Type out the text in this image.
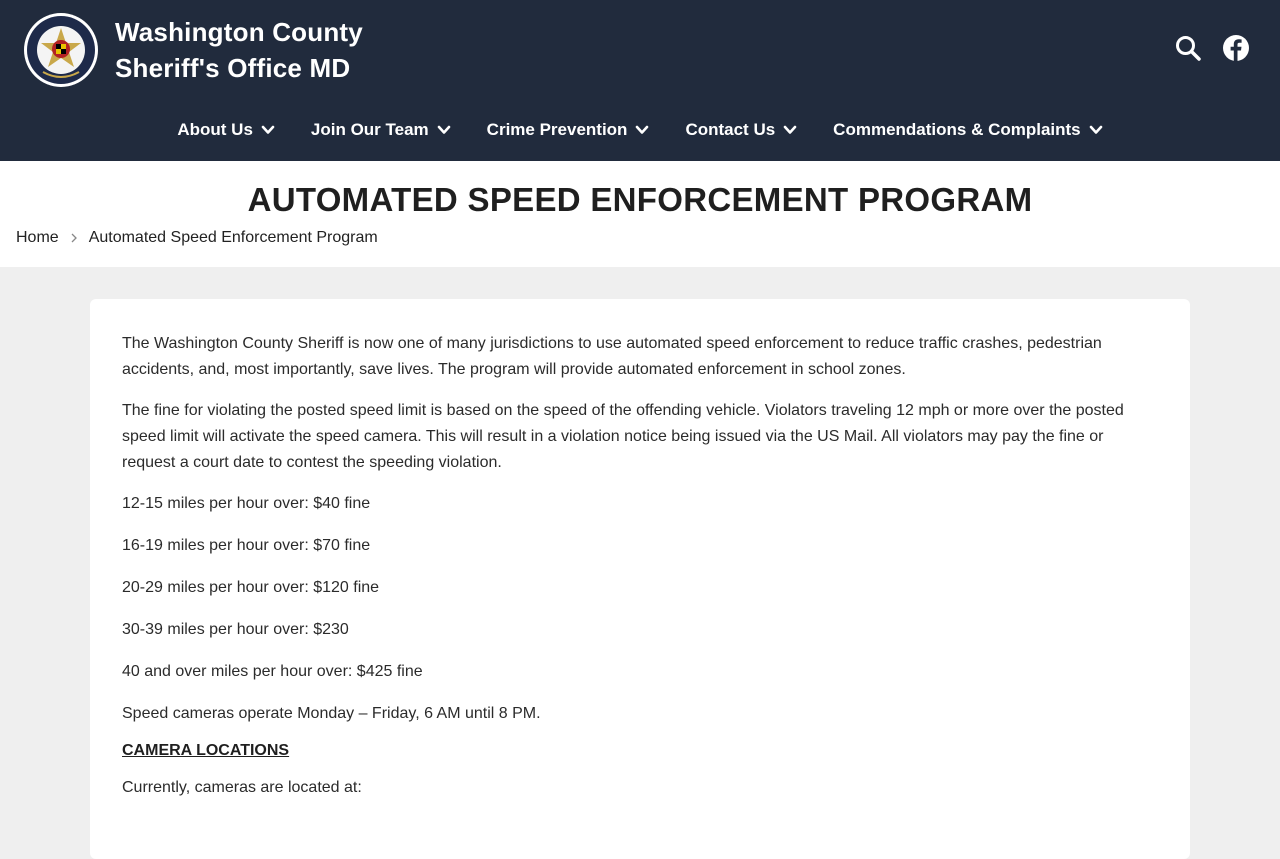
Washington County
Sheriff's Office MD
About Us	Join Our Team	Crime Prevention	Contact Us	Commendations & Complaints
AUTOMATED SPEED ENFORCEMENT PROGRAM
Home Automated Speed Enforcement Program

The Washington County Sheriff is now one of many jurisdictions to use automated speed enforcement to reduce traffic crashes, pedestrian accidents, and, most importantly, save lives. The program will provide automated enforcement in school zones.

The fine for violating the posted speed limit is based on the speed of the offending vehicle. Violators traveling 12 mph or more over the posted speed limit will activate the speed camera. This will result in a violation notice being issued via the US Mail. All violators may pay the fine or request a court date to contest the speeding violation.

12-15 miles per hour over: $40 fine

16-19 miles per hour over: $70 fine

20-29 miles per hour over: $120 fine

30-39 miles per hour over: $230

40 and over miles per hour over: $425 fine

Speed cameras operate Monday – Friday, 6 AM until 8 PM.

CAMERA LOCATIONS

Currently, cameras are located at:
